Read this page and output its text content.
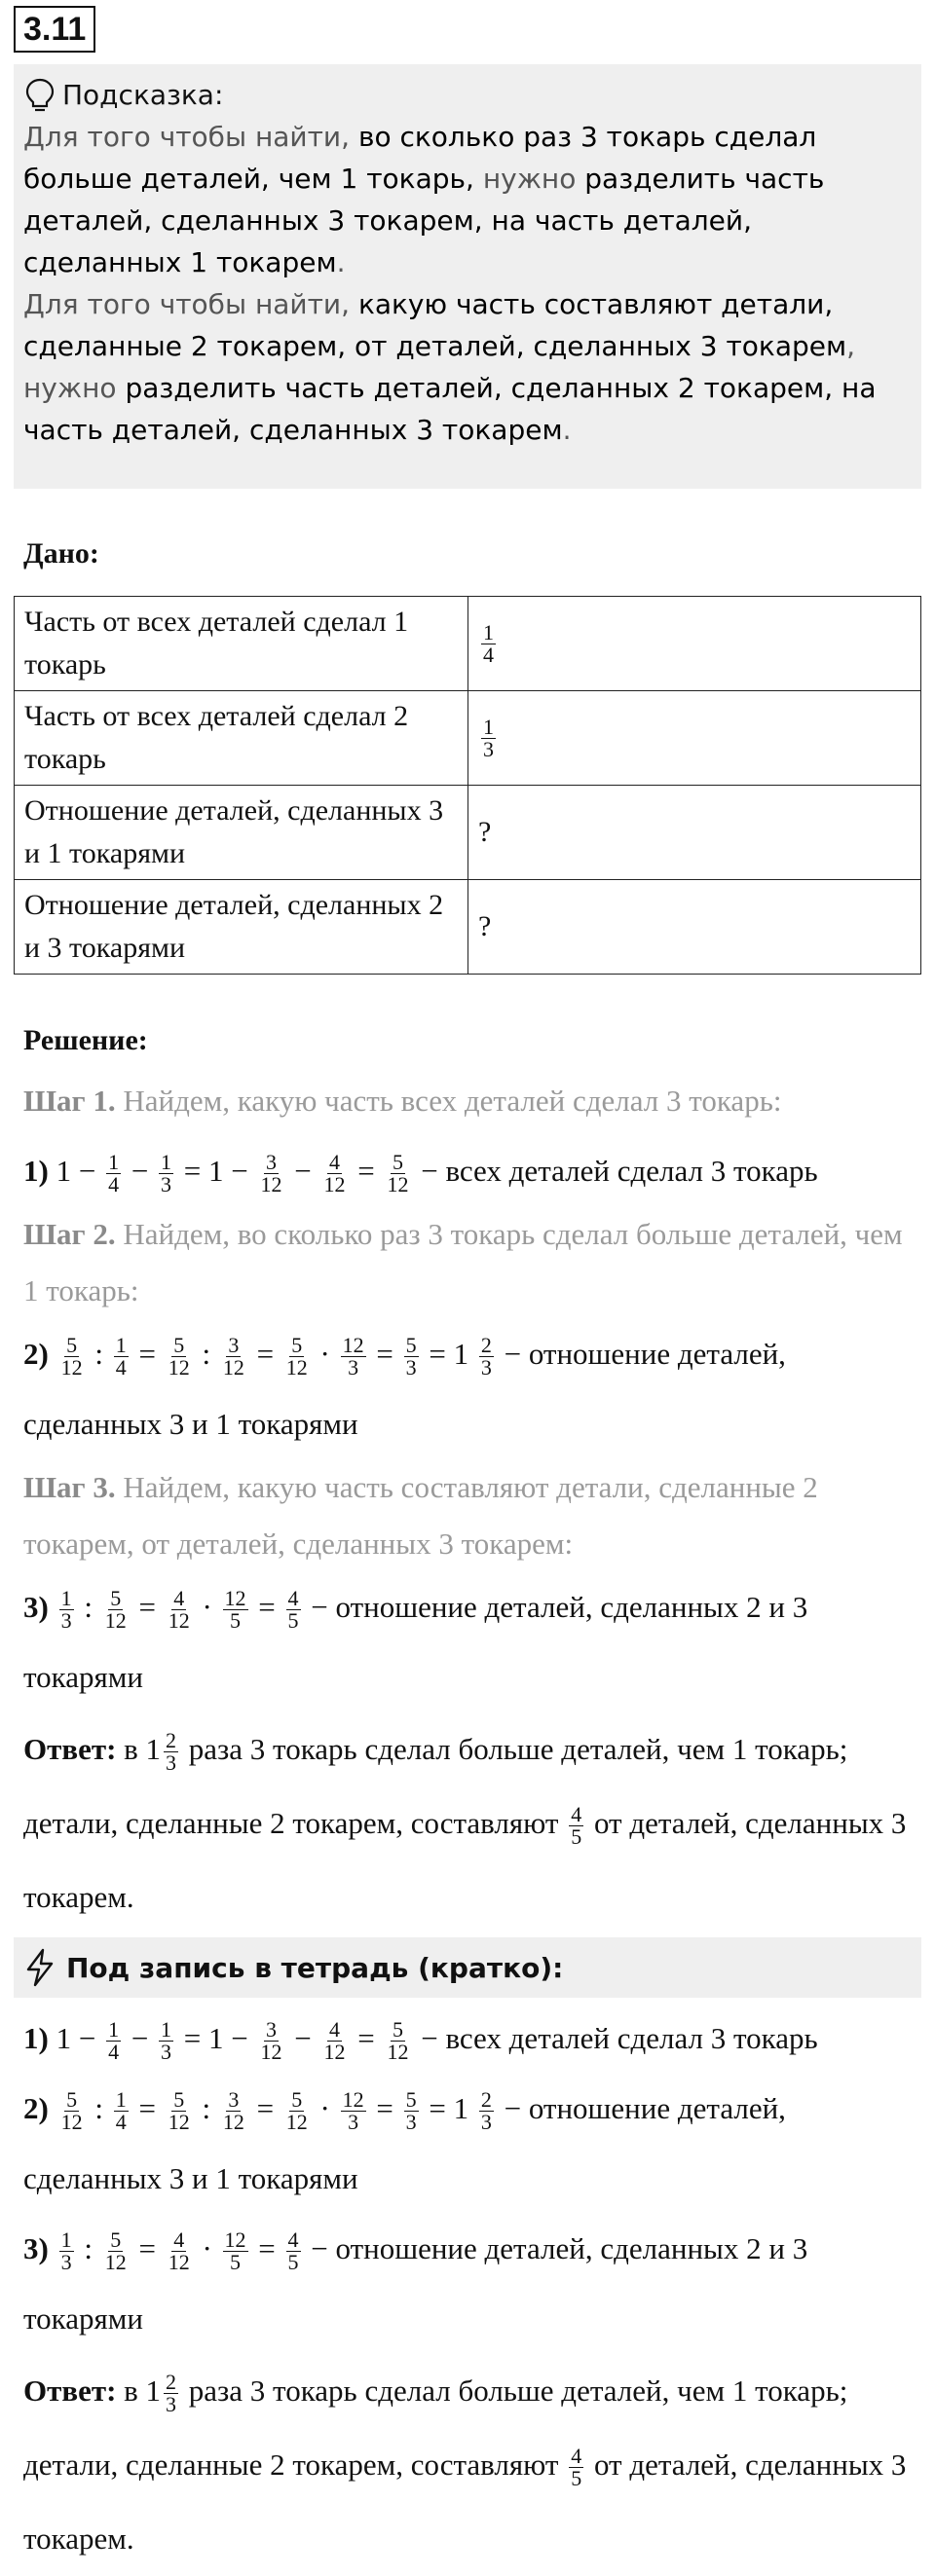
3.11
Подсказка:

Для того чтобы найти, во сколько раз 3 токарь сделал больше деталей, чем 1 токарь, нужно разделить часть деталей, сделанных 3 токарем, на часть деталей, сделанных 1 токарем.

Для того чтобы найти, какую часть составляют детали, сделанные 2 токарем, от деталей, сделанных 3 токарем, нужно разделить часть деталей, сделанных 2 токарем, на часть деталей, сделанных 3 токарем.

Дано:
Часть от всех деталей сделал 1 токарь	$\frac{1}{4}$

Часть от всех деталей сделал 2 токарь	$\frac{1}{3}$

Отношение деталей, сделанных 3 и 1 токарями	?
Отношение деталей, сделанных 2 и 3 токарями	?
Решение:
Шаг 1. Найдем, какую часть всех деталей сделал 3 токарь:
1) $1 - \frac{1}{4} - \frac{1}{3} = 1 - \frac{3}{12} - \frac{4}{12} = \frac{5}{12}$ − всех деталей сделал 3 токарь
Шаг 2. Найдем, во сколько раз 3 токарь сделал больше деталей, чем 1 токарь:
$2) \frac{5}{12}$ : $\frac{1}{4} = \frac{5}{12}$ : $\frac{3}{12} = \frac{5}{12} \cdot \frac{12}{3} = \frac{5}{3} = 1 \frac{2}{3}$ − отношение деталей, сделанных 3 и 1 токарями
Шаг 3. Найдем, какую часть составляют детали, сделанные 2 токарем, от деталей, сделанных 3 токарем:
$3) \frac{1}{3}$ : $\frac{5}{12} = \frac{4}{12} \cdot \frac{12}{5} = \frac{4}{5}$ − отношение деталей, сделанных 2 и 3 токарями
Ответ: в $1 \frac{2}{3}$ раза 3 токарь сделал больше деталей, чем 1 токарь; детали, сделанные 2 токарем, составляют $\frac{4}{5}$ от деталей, сделанных 3 токарем.
Под запись в тетрадь (кратко):
1) $1 - \frac{1}{4} - \frac{1}{3} = 1 - \frac{3}{12} - \frac{4}{12} = \frac{5}{12}$ − всех деталей сделал 3 токарь
$2) \frac{5}{12}$ : $\frac{1}{4} = \frac{5}{12}$ : $\frac{3}{12} = \frac{5}{12} \cdot \frac{12}{3} = \frac{5}{3} = 1 \frac{2}{3}$ − отношение деталей, сделанных 3 и 1 токарями
$3) \frac{1}{3}$ : $\frac{5}{12} = \frac{4}{12} \cdot \frac{12}{5} = \frac{4}{5}$ − отношение деталей, сделанных 2 и 3 токарями
Ответ: в $1 \frac{2}{3}$ раза 3 токарь сделал больше деталей, чем 1 токарь; детали, сделанные 2 токарем, составляют $\frac{4}{5}$ от деталей, сделанных 3 токарем.
